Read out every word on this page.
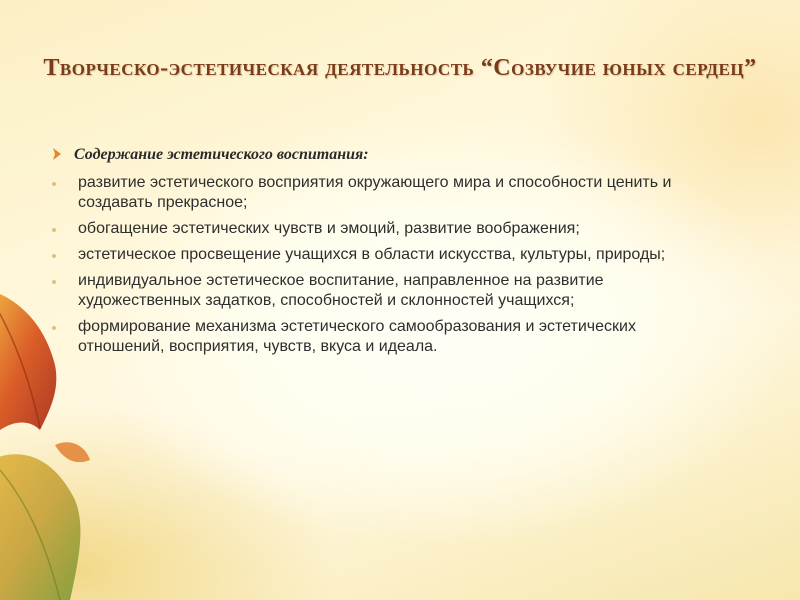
Творческо-эстетическая деятельность “Созвучие юных сердец”
Содержание эстетического воспитания:
развитие эстетического восприятия окружающего мира и способности ценить и создавать прекрасное;
обогащение эстетических чувств и эмоций, развитие воображения;
эстетическое просвещение учащихся в области искусства, культуры, природы;
индивидуальное эстетическое воспитание, направленное на развитие художественных задатков, способностей и склонностей учащихся;
формирование механизма эстетического самообразования и эстетических отношений, восприятия, чувств, вкуса и идеала.
